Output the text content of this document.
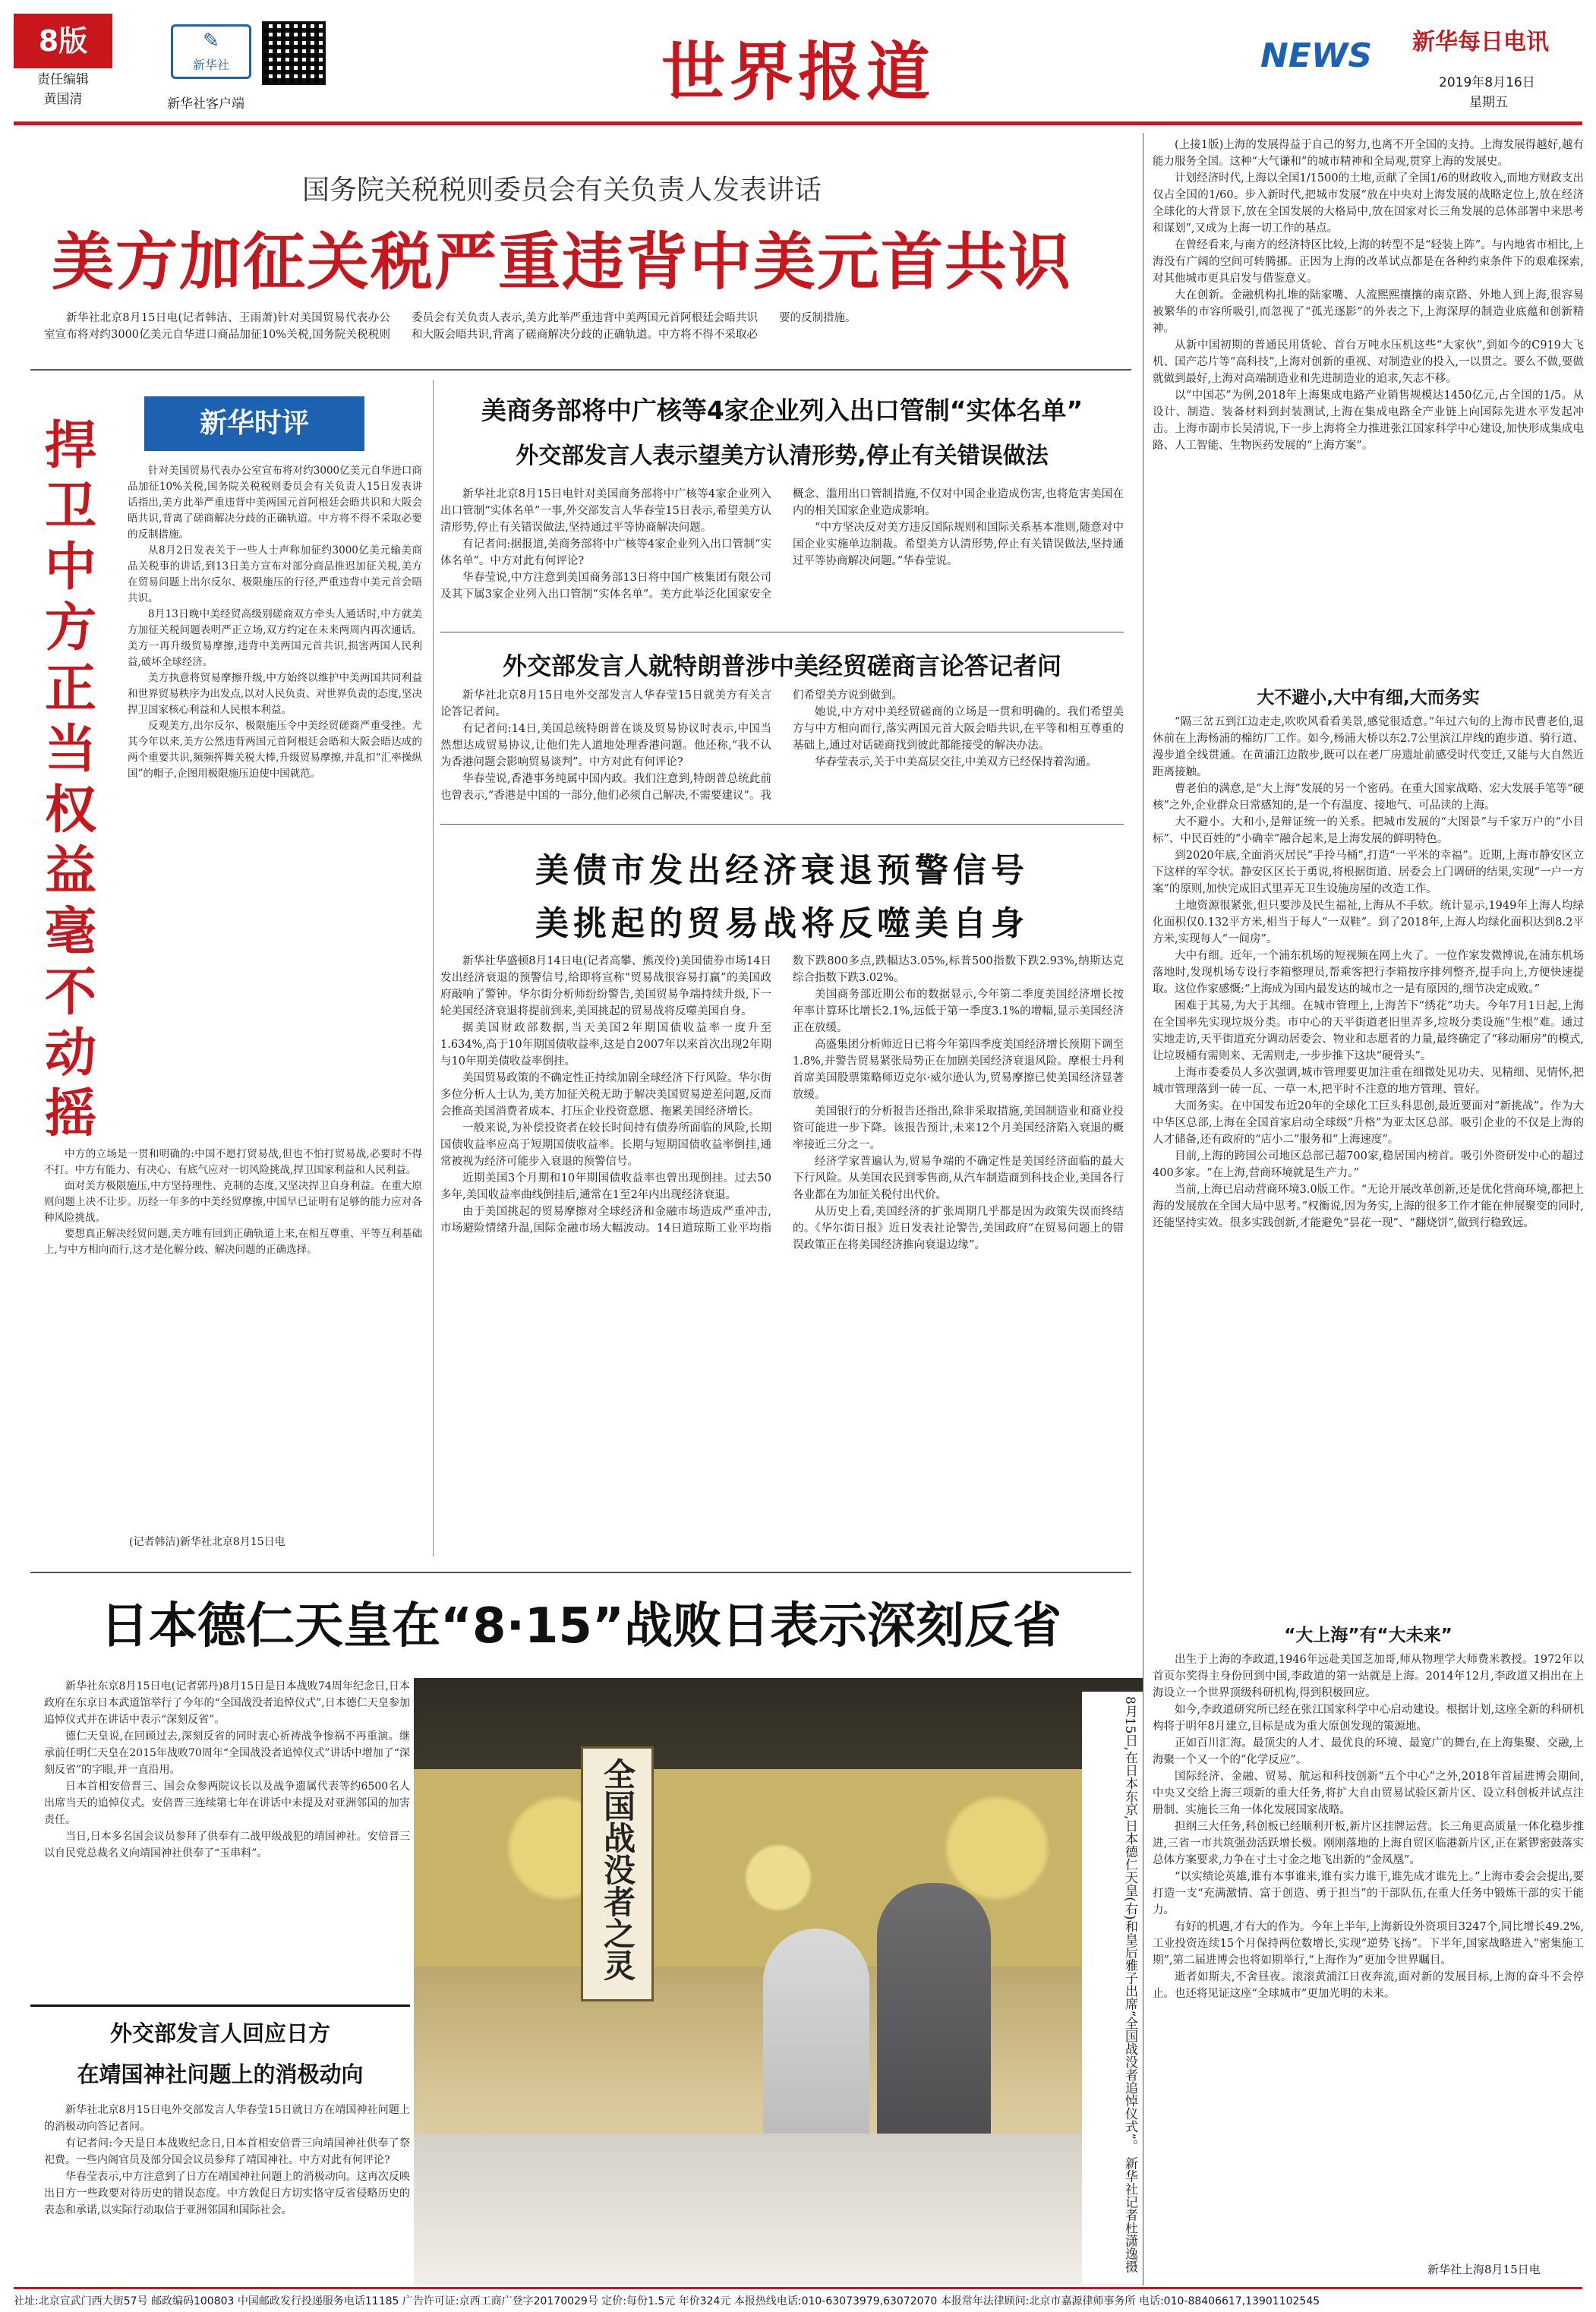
8版
责任编辑
黄国清
✎
新华社
新华社客户端	世界报道	NEWS 新华每日电讯
2019年8月16日
星期五
国务院关税税则委员会有关负责人发表讲话
美方加征关税严重违背中美元首共识

新华社北京8月15日电(记者韩洁、王雨萧)针对美国贸易代表办公室宣布将对约3000亿美元自华进口商品加征10%关税,国务院关税税则委员会有关负责人表示,美方此举严重违背中美两国元首阿根廷会晤共识和大阪会晤共识,背离了磋商解决分歧的正确轨道。中方将不得不采取必要的反制措施。

捍卫中方正当权益毫不动摇
新华时评

针对美国贸易代表办公室宣布将对约3000亿美元自华进口商品加征10%关税,国务院关税税则委员会有关负责人15日发表讲话指出,美方此举严重违背中美两国元首阿根廷会晤共识和大阪会晤共识,背离了磋商解决分歧的正确轨道。中方将不得不采取必要的反制措施。

从8月2日发表关于一些人士声称加征约3000亿美元输美商品关税事的讲话,到13日美方宣布对部分商品推迟加征关税,美方在贸易问题上出尔反尔、极限施压的行径,严重违背中美元首会晤共识。

8月13日晚中美经贸高级别磋商双方牵头人通话时,中方就美方加征关税问题表明严正立场,双方约定在未来两周内再次通话。美方一再升级贸易摩擦,违背中美两国元首共识,损害两国人民利益,破坏全球经济。

美方执意将贸易摩擦升级,中方始终以维护中美两国共同利益和世界贸易秩序为出发点,以对人民负责、对世界负责的态度,坚决捍卫国家核心利益和人民根本利益。

反观美方,出尔反尔、极限施压令中美经贸磋商严重受挫。尤其今年以来,美方公然违背两国元首阿根廷会晤和大阪会晤达成的两个重要共识,频频挥舞关税大棒,升级贸易摩擦,并乱扣“汇率操纵国”的帽子,企图用极限施压迫使中国就范。

中方的立场是一贯和明确的:中国不愿打贸易战,但也不怕打贸易战,必要时不得不打。中方有能力、有决心、有底气应对一切风险挑战,捍卫国家利益和人民利益。

面对美方极限施压,中方坚持理性、克制的态度,又坚决捍卫自身利益。在重大原则问题上决不让步。历经一年多的中美经贸摩擦,中国早已证明有足够的能力应对各种风险挑战。

要想真正解决经贸问题,美方唯有回到正确轨道上来,在相互尊重、平等互利基础上,与中方相向而行,这才是化解分歧、解决问题的正确选择。

(记者韩洁)新华社北京8月15日电
美商务部将中广核等4家企业列入出口管制“实体名单”
外交部发言人表示望美方认清形势,停止有关错误做法

新华社北京8月15日电针对美国商务部将中广核等4家企业列入出口管制“实体名单”一事,外交部发言人华春莹15日表示,希望美方认清形势,停止有关错误做法,坚持通过平等协商解决问题。

有记者问:据报道,美商务部将中广核等4家企业列入出口管制“实体名单”。中方对此有何评论?

华春莹说,中方注意到美国商务部13日将中国广核集团有限公司及其下属3家企业列入出口管制“实体名单”。美方此举泛化国家安全概念、滥用出口管制措施,不仅对中国企业造成伤害,也将危害美国在内的相关国家企业造成影响。

“中方坚决反对美方违反国际规则和国际关系基本准则,随意对中国企业实施单边制裁。希望美方认清形势,停止有关错误做法,坚持通过平等协商解决问题。”华春莹说。

外交部发言人就特朗普涉中美经贸磋商言论答记者问

新华社北京8月15日电外交部发言人华春莹15日就美方有关言论答记者问。

有记者问:14日,美国总统特朗普在谈及贸易协议时表示,中国当然想达成贸易协议,让他们先人道地处理香港问题。他还称,“我不认为香港问题会影响贸易谈判”。中方对此有何评论?

华春莹说,香港事务纯属中国内政。我们注意到,特朗普总统此前也曾表示,“香港是中国的一部分,他们必须自己解决,不需要建议”。我们希望美方说到做到。

她说,中方对中美经贸磋商的立场是一贯和明确的。我们希望美方与中方相向而行,落实两国元首大阪会晤共识,在平等和相互尊重的基础上,通过对话磋商找到彼此都能接受的解决办法。

华春莹表示,关于中美高层交往,中美双方已经保持着沟通。

美债市发出经济衰退预警信号
美挑起的贸易战将反噬美自身

新华社华盛顿8月14日电(记者高攀、熊茂伶)美国债券市场14日发出经济衰退的预警信号,给即将宣称“贸易战很容易打赢”的美国政府敲响了警钟。华尔街分析师纷纷警告,美国贸易争端持续升级,下一轮美国经济衰退将提前到来,美国挑起的贸易战将反噬美国自身。

据美国财政部数据,当天美国2年期国债收益率一度升至1.634%,高于10年期国债收益率,这是自2007年以来首次出现2年期与10年期美债收益率倒挂。

美国贸易政策的不确定性正持续加剧全球经济下行风险。华尔街多位分析人士认为,美方加征关税无助于解决美国贸易逆差问题,反而会推高美国消费者成本、打压企业投资意愿、拖累美国经济增长。

一般来说,为补偿投资者在较长时间持有债券所面临的风险,长期国债收益率应高于短期国债收益率。长期与短期国债收益率倒挂,通常被视为经济可能步入衰退的预警信号。

近期美国3个月期和10年期国债收益率也曾出现倒挂。过去50多年,美国收益率曲线倒挂后,通常在1至2年内出现经济衰退。

由于美国挑起的贸易摩擦对全球经济和金融市场造成严重冲击,市场避险情绪升温,国际金融市场大幅波动。14日道琼斯工业平均指数下跌800多点,跌幅达3.05%,标普500指数下跌2.93%,纳斯达克综合指数下跌3.02%。

美国商务部近期公布的数据显示,今年第二季度美国经济增长按年率计算环比增长2.1%,远低于第一季度3.1%的增幅,显示美国经济正在放缓。

高盛集团分析师近日已将今年第四季度美国经济增长预期下调至1.8%,并警告贸易紧张局势正在加剧美国经济衰退风险。摩根士丹利首席美国股票策略师迈克尔·威尔逊认为,贸易摩擦已使美国经济显著放缓。

美国银行的分析报告还指出,除非采取措施,美国制造业和商业投资可能进一步下降。该报告预计,未来12个月美国经济陷入衰退的概率接近三分之一。

经济学家普遍认为,贸易争端的不确定性是美国经济面临的最大下行风险。从美国农民到零售商,从汽车制造商到科技企业,美国各行各业都在为加征关税付出代价。

从历史上看,美国经济的扩张周期几乎都是因为政策失误而终结的。《华尔街日报》近日发表社论警告,美国政府“在贸易问题上的错误政策正在将美国经济推向衰退边缘”。

日本德仁天皇在“8·15”战败日表示深刻反省

新华社东京8月15日电(记者郭丹)8月15日是日本战败74周年纪念日,日本政府在东京日本武道馆举行了今年的“全国战没者追悼仪式”,日本德仁天皇参加追悼仪式并在讲话中表示“深刻反省”。

德仁天皇说,在回顾过去,深刻反省的同时衷心祈祷战争惨祸不再重演。继承前任明仁天皇在2015年战败70周年“全国战没者追悼仪式”讲话中增加了“深刻反省”的字眼,并一直沿用。

日本首相安倍晋三、国会众参两院议长以及战争遗属代表等约6500名人出席当天的追悼仪式。安倍晋三连续第七年在讲话中未提及对亚洲邻国的加害责任。

当日,日本多名国会议员参拜了供奉有二战甲级战犯的靖国神社。安倍晋三以自民党总裁名义向靖国神社供奉了“玉串料”。	全国战没者之灵	8月15日,在日本东京,日本德仁天皇(右)和皇后雅子出席“全国战没者追悼仪式”。 新华社记者杜潇逸摄
外交部发言人回应日方
在靖国神社问题上的消极动向

新华社北京8月15日电外交部发言人华春莹15日就日方在靖国神社问题上的消极动向答记者问。

有记者问:今天是日本战败纪念日,日本首相安倍晋三向靖国神社供奉了祭祀费。一些内阁官员及部分国会议员参拜了靖国神社。中方对此有何评论?

华春莹表示,中方注意到了日方在靖国神社问题上的消极动向。这再次反映出日方一些政要对待历史的错误态度。中方敦促日方切实恪守反省侵略历史的表态和承诺,以实际行动取信于亚洲邻国和国际社会。

(上接1版)上海的发展得益于自己的努力,也离不开全国的支持。上海发展得越好,越有能力服务全国。这种“大气谦和”的城市精神和全局观,贯穿上海的发展史。

计划经济时代,上海以全国1/1500的土地,贡献了全国1/6的财政收入,而地方财政支出仅占全国的1/60。步入新时代,把城市发展“放在中央对上海发展的战略定位上,放在经济全球化的大背景下,放在全国发展的大格局中,放在国家对长三角发展的总体部署中来思考和谋划”,又成为上海一切工作的基点。

在曾经看来,与南方的经济特区比较,上海的转型不是“轻装上阵”。与内地省市相比,上海没有广阔的空间可转腾挪。正因为上海的改革试点都是在各种约束条件下的艰难探索,对其他城市更具启发与借鉴意义。

大在创新。金融机构扎堆的陆家嘴、人流熙熙攘攘的南京路、外地人到上海,很容易被繁华的市容所吸引,而忽视了“孤光逐影”的外表之下,上海深厚的制造业底蕴和创新精神。

从新中国初期的普通民用货轮、首台万吨水压机这些“大家伙”,到如今的C919大飞机、国产芯片等“高科技”,上海对创新的重视、对制造业的投入,一以贯之。要么不做,要做就做到最好,上海对高端制造业和先进制造业的追求,矢志不移。

以“中国芯”为例,2018年上海集成电路产业销售规模达1450亿元,占全国的1/5。从设计、制造、装备材料到封装测试,上海在集成电路全产业链上向国际先进水平发起冲击。上海市副市长吴清说,下一步上海将全力推进张江国家科学中心建设,加快形成集成电路、人工智能、生物医药发展的“上海方案”。

大不避小,大中有细,大而务实

“隔三岔五到江边走走,吹吹风看看美景,感觉很适意。”年过六旬的上海市民曹老伯,退休前在上海杨浦的棉纺厂工作。如今,杨浦大桥以东2.7公里滨江岸线的跑步道、骑行道、漫步道全线贯通。在黄浦江边散步,既可以在老厂房遗址前感受时代变迁,又能与大自然近距离接触。

曹老伯的满意,是“大上海”发展的另一个密码。在重大国家战略、宏大发展手笔等“硬核”之外,企业群众日常感知的,是一个有温度、接地气、可品读的上海。

大不避小。大和小,是辩证统一的关系。把城市发展的“大图景”与千家万户的“小目标”、中民百姓的“小确幸”融合起来,是上海发展的鲜明特色。

到2020年底,全面消灭居民“手拎马桶”,打造“一平米的幸福”。近期,上海市静安区立下这样的军令状。静安区区长于勇说,将根据街道、居委会上门调研的结果,实现“一户一方案”的原则,加快完成旧式里弄无卫生设施房屋的改造工作。

土地资源很紧张,但只要涉及民生福祉,上海从不手软。统计显示,1949年上海人均绿化面积仅0.132平方米,相当于每人“一双鞋”。到了2018年,上海人均绿化面积达到8.2平方米,实现每人“一间房”。

大中有细。近年,一个浦东机场的短视频在网上火了。一位作家发微博说,在浦东机场落地时,发现机场专设行李箱整理员,帮乘客把行李箱按序排列整齐,提手向上,方便快速提取。这位作家感慨:“上海成为国内最发达的城市之一是有原因的,细节决定成败。”

困难于其易,为大于其细。在城市管理上,上海苦下“绣花”功夫。今年7月1日起,上海在全国率先实现垃圾分类。市中心的天平街道老旧里弄多,垃圾分类设施“生根”难。通过实地走访,天平街道充分调动居委会、物业和志愿者的力量,最终确定了“移动厢房”的模式,让垃圾桶有需则来、无需则走,一步步推下这块“硬骨头”。

上海市委委员人多次强调,城市管理要更加注重在细微处见功夫、见精细、见情怀,把城市管理落到一砖一瓦、一草一木,把平时不注意的地方管理、管好。

大而务实。在中国发布近20年的全球化工巨头科思创,最近要面对“新挑战”。作为大中华区总部,上海在全国首家启动全球级“升格”为亚太区总部。吸引企业的不仅是上海的人才储备,还有政府的“店小二”服务和“上海速度”。

目前,上海的跨国公司地区总部已超700家,稳居国内榜首。吸引外资研发中心的超过400多家。“在上海,营商环境就是生产力。”

当前,上海已启动营商环境3.0版工作。“无论开展改革创新,还是优化营商环境,都把上海的发展放在全国大局中思考。”权衡说,因为务实,上海的很多工作才能在伸展聚变的同时,还能坚持实效。很多实践创新,才能避免“昙花一现”、“翻烧饼”,做到行稳致远。

“大上海”有“大未来”

出生于上海的李政道,1946年远赴美国芝加哥,师从物理学大师费米教授。1972年以首页尔奖得主身份回到中国,李政道的第一站就是上海。2014年12月,李政道又捐出在上海设立一个世界顶级科研机构,得到积极回应。

如今,李政道研究所已经在张江国家科学中心启动建设。根据计划,这座全新的科研机构将于明年8月建立,目标是成为重大原创发现的策源地。

正如百川汇海。最顶尖的人才、最优良的环境、最宽广的舞台,在上海集聚、交融,上海聚一个又一个的“化学反应”。

国际经济、金融、贸易、航运和科技创新“五个中心”之外,2018年首届进博会期间,中央又交给上海三项新的重大任务,将扩大自由贸易试验区新片区、设立科创板并试点注册制、实施长三角一体化发展国家战略。

担纲三大任务,科创板已经顺利开板,新片区挂牌运营。长三角更高质量一体化稳步推进,三省一市共筑强劲活跃增长极。刚刚落地的上海自贸区临港新片区,正在紧锣密鼓落实总体方案要求,力争在寸土寸金之地飞出新的“金凤凰”。

“以实绩论英雄,谁有本事谁来,谁有实力谁干,谁先成才谁先上。”上海市委会会提出,要打造一支“充满激情、富于创造、勇于担当”的干部队伍,在重大任务中锻炼干部的实干能力。

有好的机遇,才有大的作为。今年上半年,上海新设外资项目3247个,同比增长49.2%,工业投资连续15个月保持两位数增长,实现“逆势飞扬”。下半年,国家战略进入“密集施工期”,第二届进博会也将如期举行,“上海作为”更加令世界瞩目。

逝者如斯夫,不舍昼夜。滚滚黄浦江日夜奔流,面对新的发展目标,上海的奋斗不会停止。也还将见证这座“全球城市”更加光明的未来。

新华社上海8月15日电
社址:北京宣武门西大街57号 邮政编码100803 中国邮政发行投递服务电话11185 广告许可证:京西工商广登字20170029号 定价:每份1.5元 年价324元 本报热线电话:010-63073979,63072070 本报常年法律顾问:北京市嘉源律师事务所 电话:010-88406617,13901102545
